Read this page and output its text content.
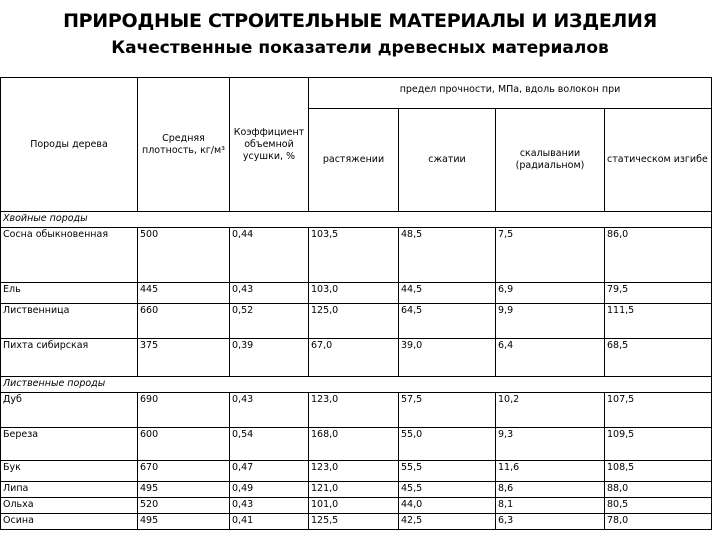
ПРИРОДНЫЕ СТРОИТЕЛЬНЫЕ МАТЕРИАЛЫ И ИЗДЕЛИЯ
Качественные показатели древесных материалов
Породы дерева	Средняя плотность, кг/м³	Коэффициент объемной усушки, %	предел прочности, МПа, вдоль волокон при			
			растяжении	сжатии	скалывании (радиальном)	статическом изгибе
Хвойные породы						
Сосна обыкновенная	500	0,44	103,5	48,5	7,5	86,0
Ель	445	0,43	103,0	44,5	6,9	79,5
Лиственница	660	0,52	125,0	64,5	9,9	111,5
Пихта сибирская	375	0,39	67,0	39,0	6,4	68,5
Лиственные породы						
Дуб	690	0,43	123,0	57,5	10,2	107,5
Береза	600	0,54	168,0	55,0	9,3	109,5
Бук	670	0,47	123,0	55,5	11,6	108,5
Липа	495	0,49	121,0	45,5	8,6	88,0
Ольха	520	0,43	101,0	44,0	8,1	80,5
Осина	495	0,41	125,5	42,5	6,3	78,0
